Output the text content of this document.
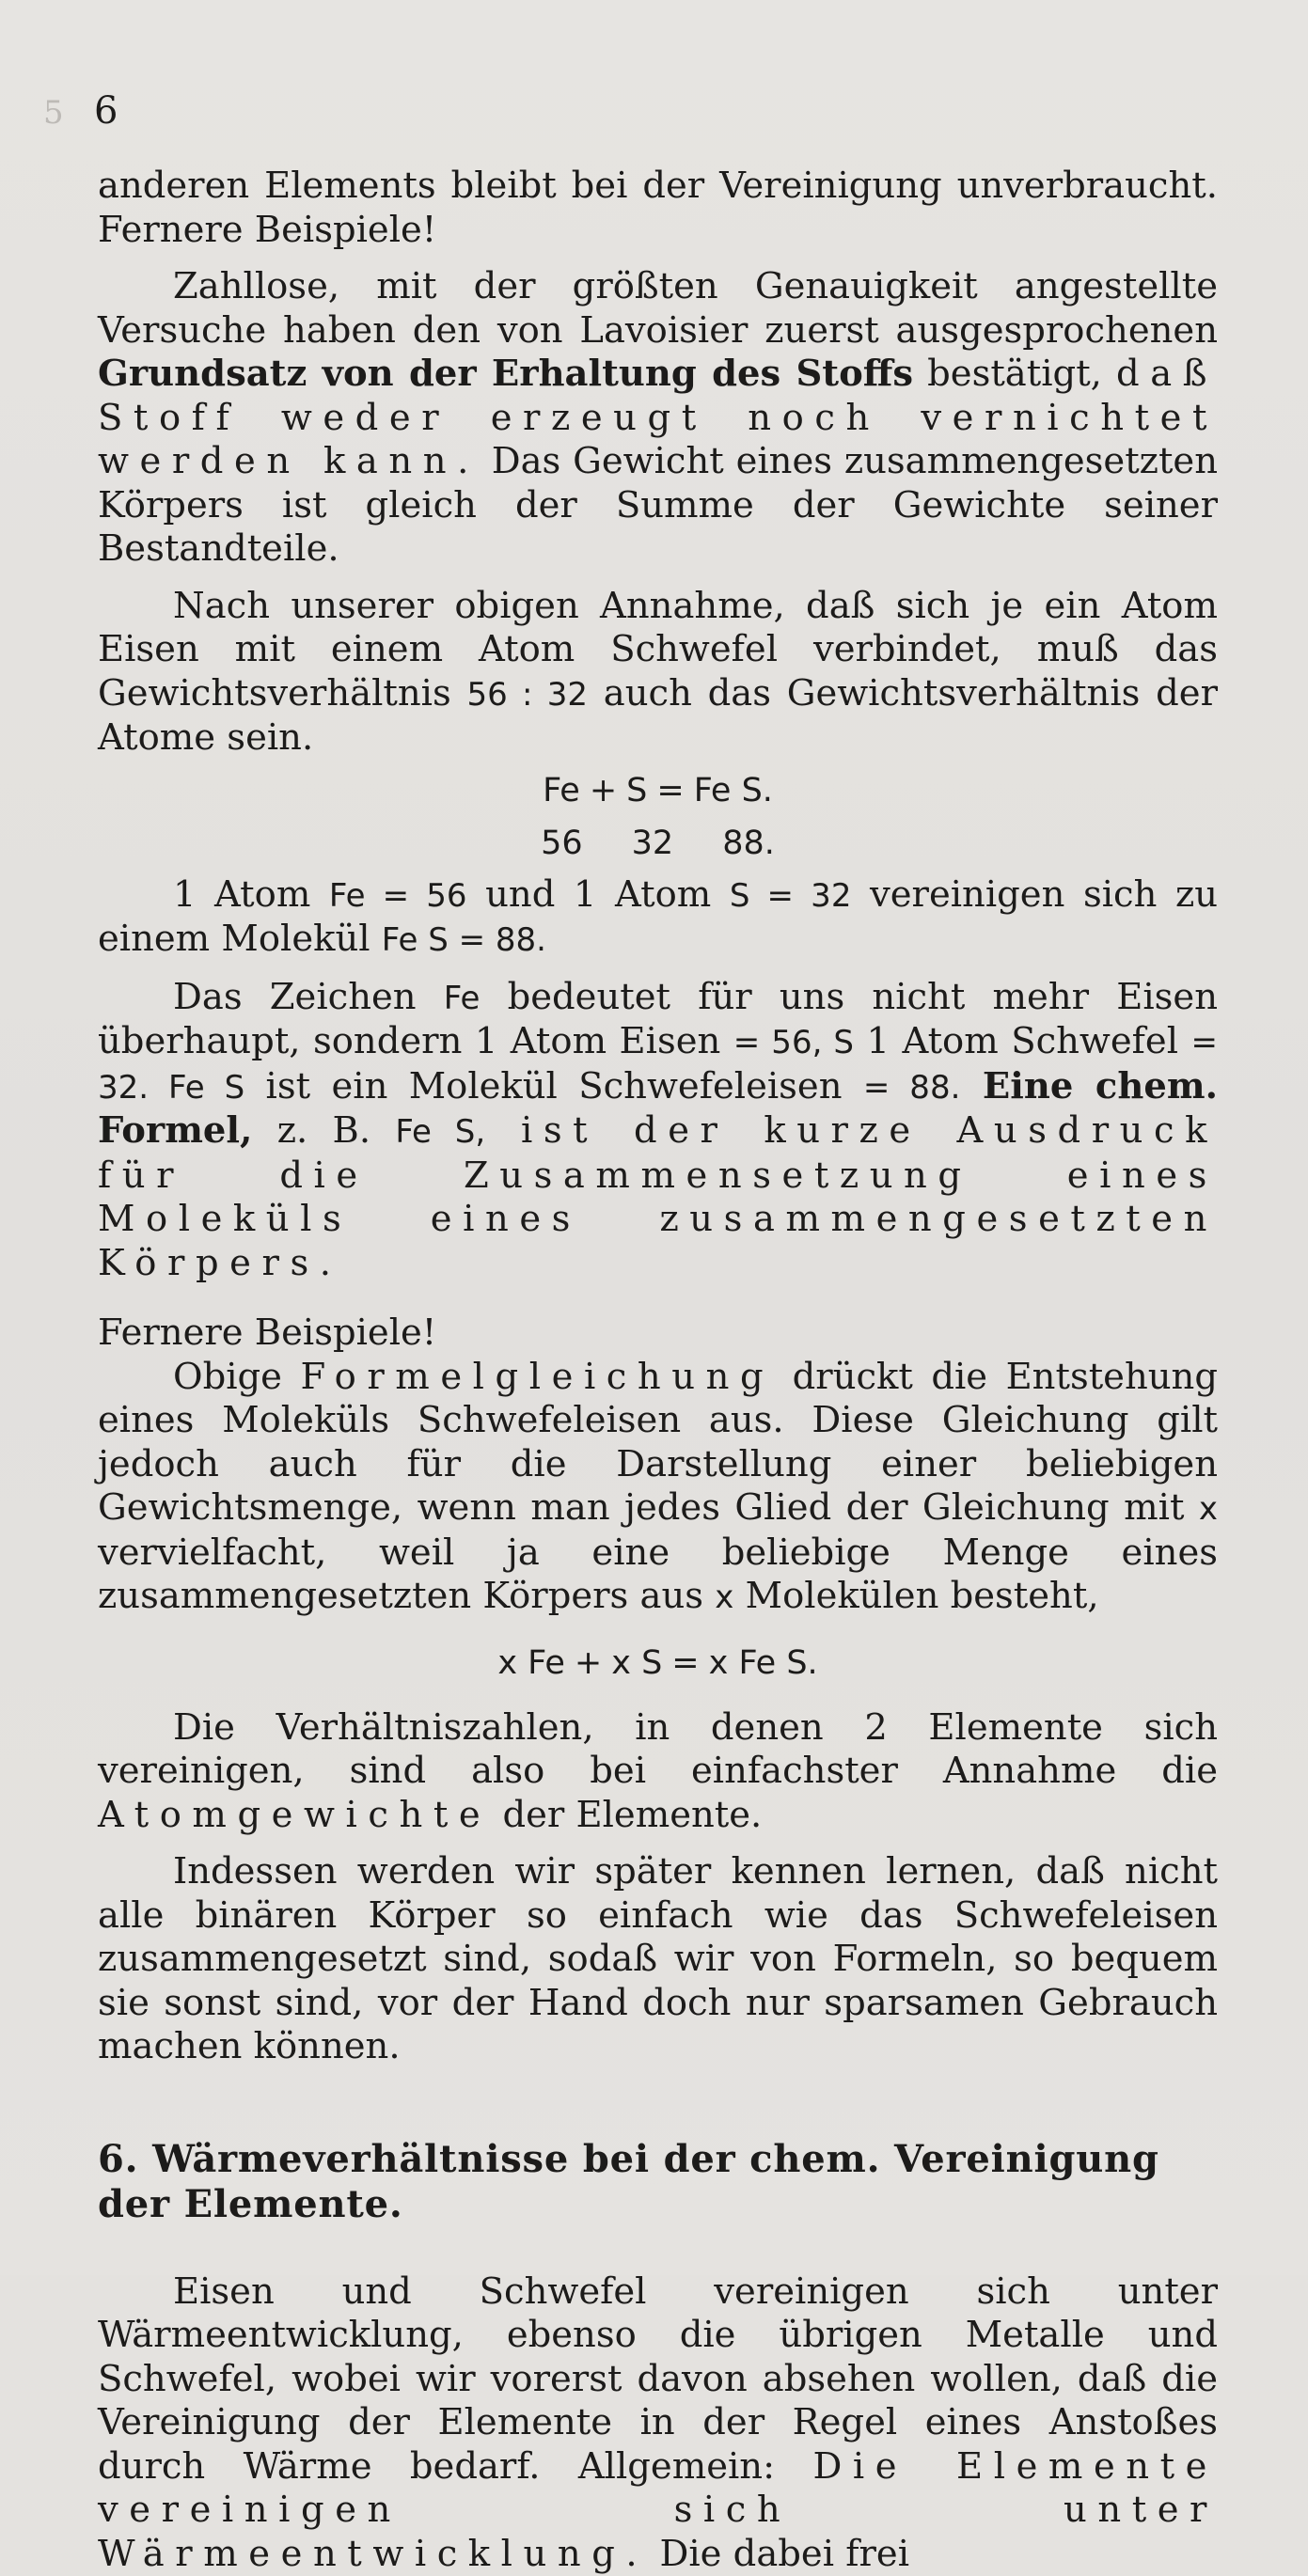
5 6

anderen Elements bleibt bei der Vereinigung unverbraucht. Fernere Beispiele!

Zahllose, mit der größten Genauigkeit angestellte Versuche haben den von Lavoisier zuerst ausgesprochenen Grundsatz von der Erhaltung des Stoffs bestätigt, daß Stoff weder erzeugt noch vernichtet werden kann. Das Gewicht eines zusammengesetzten Körpers ist gleich der Summe der Gewichte seiner Bestandteile.

Nach unserer obigen Annahme, daß sich je ein Atom Eisen mit einem Atom Schwefel verbindet, muß das Gewichtsverhältnis 56 : 32 auch das Gewichtsverhältnis der Atome sein.

Fe + S = Fe S.
56 32 88.

1 Atom Fe = 56 und 1 Atom S = 32 vereinigen sich zu einem Molekül Fe S = 88.

Das Zeichen Fe bedeutet für uns nicht mehr Eisen überhaupt, sondern 1 Atom Eisen = 56, S 1 Atom Schwefel = 32. Fe S ist ein Molekül Schwefeleisen = 88. Eine chem. Formel, z. B. Fe S, ist der kurze Ausdruck für die Zusammensetzung eines Moleküls eines zusammengesetzten Körpers.

Fernere Beispiele!

Obige Formelgleichung drückt die Entstehung eines Moleküls Schwefeleisen aus. Diese Gleichung gilt jedoch auch für die Darstellung einer beliebigen Gewichtsmenge, wenn man jedes Glied der Gleichung mit x vervielfacht, weil ja eine beliebige Menge eines zusammengesetzten Körpers aus x Molekülen besteht,

x Fe + x S = x Fe S.

Die Verhältniszahlen, in denen 2 Elemente sich vereinigen, sind also bei einfachster Annahme die Atomgewichte der Elemente.

Indessen werden wir später kennen lernen, daß nicht alle binären Körper so einfach wie das Schwefeleisen zusammengesetzt sind, sodaß wir von Formeln, so bequem sie sonst sind, vor der Hand doch nur sparsamen Gebrauch machen können.

6. Wärmeverhältnisse bei der chem. Vereinigung der Elemente.

Eisen und Schwefel vereinigen sich unter Wärmeentwicklung, ebenso die übrigen Metalle und Schwefel, wobei wir vorerst davon absehen wollen, daß die Vereinigung der Elemente in der Regel eines Anstoßes durch Wärme bedarf. Allgemein: Die Elemente vereinigen sich unter Wärmeentwicklung. Die dabei frei
